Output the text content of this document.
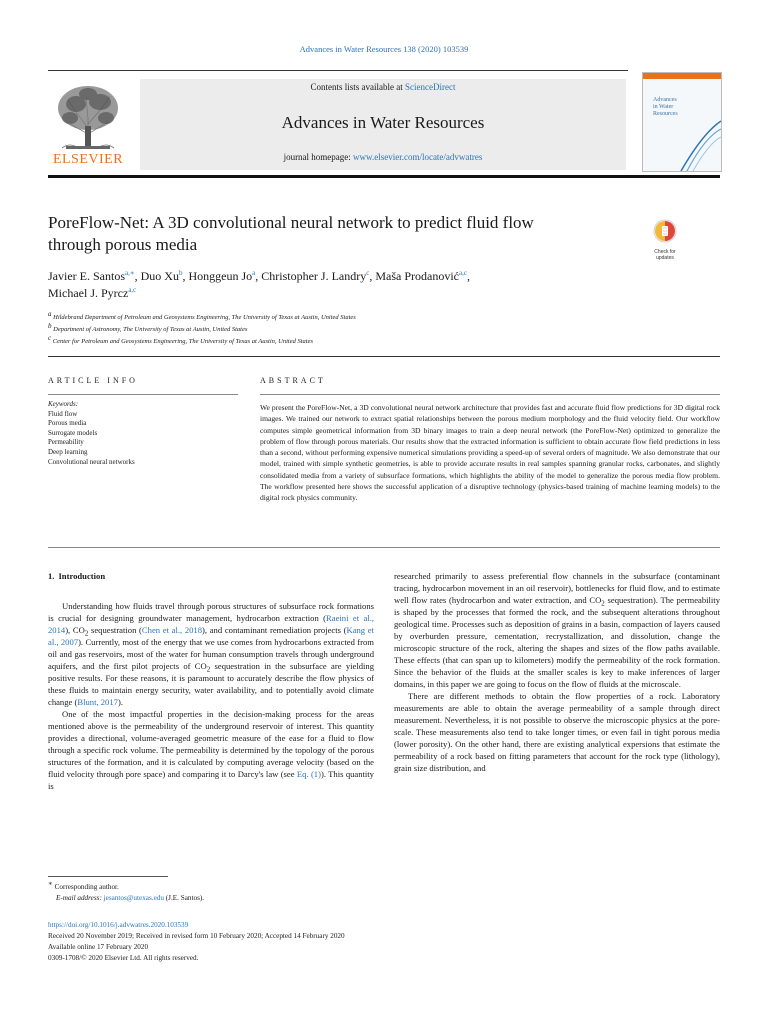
Advances in Water Resources 138 (2020) 103539
ELSEVIER
Contents lists available at ScienceDirect
Advances in Water Resources
journal homepage: www.elsevier.com/locate/advwatres
Advances
in Water
Resources
PoreFlow-Net: A 3D convolutional neural network to predict fluid flow
through porous media	Check for updates
Javier E. Santos$^{a,∗}$, Duo Xu$^b$, Honggeun Jo$^a$, Christopher J. Landry$^c$, Maša Prodanović$^{a,c}$,
Michael J. Pyrcz$^{a,c}$
$^a$ Hildebrand Department of Petroleum and Geosystems Engineering, The University of Texas at Austin, United States
$^b$ Department of Astronomy, The University of Texas at Austin, United States
$^c$ Center for Petroleum and Geosystems Engineering, The University of Texas at Austin, United States
ARTICLE INFO	ABSTRACT
Keywords:
Fluid flow
Porous media
Surrogate models
Permeability
Deep learning
Convolutional neural networks
We present the PoreFlow-Net, a 3D convolutional neural network architecture that provides fast and accurate fluid flow predictions for 3D digital rock images. We trained our network to extract spatial relationships between the porous medium morphology and the fluid velocity field. Our workflow computes simple geometrical information from 3D binary images to train a deep neural network (the PoreFlow-Net) optimized to generalize the problem of flow through porous materials. Our results show that the extracted information is sufficient to obtain accurate flow field predictions in less than a second, without performing expensive numerical simulations providing a speed-up of several orders of magnitude. We also demonstrate that our model, trained with simple synthetic geometries, is able to provide accurate results in real samples spanning granular rocks, carbonates, and slightly consolidated media from a variety of subsurface formations, which highlights the ability of the model to generalize the porous media flow problem. The workflow presented here shows the successful application of a disruptive technology (physics-based training of machine learning models) to the digital rock physics community.
1. Introduction

Understanding how fluids travel through porous structures of subsurface rock formations is crucial for designing groundwater management, hydrocarbon extraction (Raeini et al., 2014), $CO_2$ sequestration (Chen et al., 2018), and contaminant remediation projects (Kang et al., 2007). Currently, most of the energy that we use comes from hydrocarbons extracted from oil and gas reservoirs, most of the water for human consumption travels through underground aquifers, and the first pilot projects of $CO_2$ sequestration in the subsurface are yielding positive results. For these reasons, it is paramount to accurately describe the flow physics of these fluids to maintain energy security, water availability, and to potentially avoid climate change (Blunt, 2017).

One of the most impactful properties in the decision-making process for the areas mentioned above is the permeability of the underground reservoir of interest. This quantity provides a directional, volume-averaged geometric measure of the ease for a fluid to flow through a specific rock volume. The permeability is determined by the topology of the porous structures of the formation, and it is calculated by computing average velocity (based on the fluid velocity through pore space) and comparing it to Darcy's law (see Eq. (1)). This quantity is

researched primarily to assess preferential flow channels in the subsurface (contaminant tracing, hydrocarbon movement in an oil reservoir), bottlenecks for fluid flow, and to estimate well flow rates (hydrocarbon and water extraction, and $CO_2$ sequestration). The permeability is shaped by the processes that formed the rock, and the subsequent alterations throughout geological time. Processes such as deposition of grains in a basin, compaction of layers caused by overburden pressure, cementation, recrystallization, and dissolution, change the microscopic structure of the rock, altering the shapes and sizes of the flow paths available. These effects (that can span up to kilometers) modify the permeability of the rock formation. Since the behavior of the fluids at the smaller scales is key to make inferences of larger domains, in this paper we are going to focus on the flow of fluids at the microscale.

There are different methods to obtain the flow properties of a rock. Laboratory measurements are able to obtain the average permeability of a sample through direct measurement. Nevertheless, it is not possible to observe the microscopic physics at the pore-scale. These measurements also tend to take longer times, or even fail in tight porous media (lower porosity). On the other hand, there are existing analytical expersions that estimate the permeability of a rock based on fitting parameters that account for the rock type (lithology), grain size distribution, and

∗ Corresponding author.
E-mail address: jesantos@utexas.edu (J.E. Santos).
https://doi.org/10.1016/j.advwatres.2020.103539
Received 20 November 2019; Received in revised form 10 February 2020; Accepted 14 February 2020
Available online 17 February 2020
0309-1708/© 2020 Elsevier Ltd. All rights reserved.
